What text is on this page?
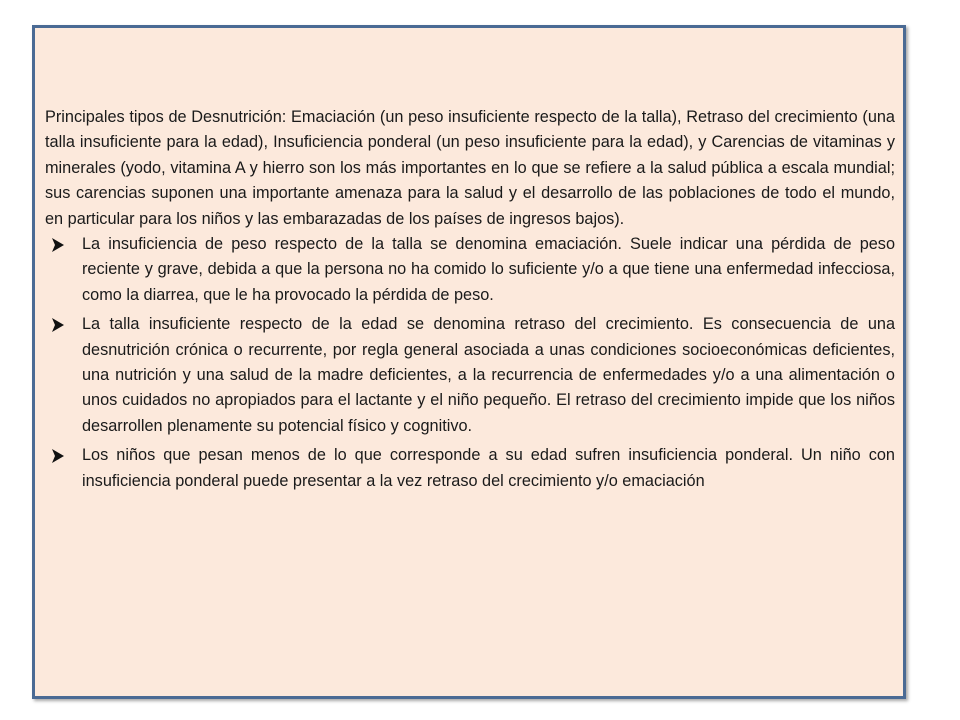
Principales tipos de Desnutrición: Emaciación (un peso insuficiente respecto de la talla), Retraso del crecimiento (una talla insuficiente para la edad), Insuficiencia ponderal (un peso insuficiente para la edad), y Carencias de vitaminas y minerales (yodo, vitamina A y hierro son los más importantes en lo que se refiere a la salud pública a escala mundial; sus carencias suponen una importante amenaza para la salud y el desarrollo de las poblaciones de todo el mundo, en particular para los niños y las embarazadas de los países de ingresos bajos).

La insuficiencia de peso respecto de la talla se denomina emaciación. Suele indicar una pérdida de peso reciente y grave, debida a que la persona no ha comido lo suficiente y/o a que tiene una enfermedad infecciosa, como la diarrea, que le ha provocado la pérdida de peso.
La talla insuficiente respecto de la edad se denomina retraso del crecimiento. Es consecuencia de una desnutrición crónica o recurrente, por regla general asociada a unas condiciones socioeconómicas deficientes, una nutrición y una salud de la madre deficientes, a la recurrencia de enfermedades y/o a una alimentación o unos cuidados no apropiados para el lactante y el niño pequeño. El retraso del crecimiento impide que los niños desarrollen plenamente su potencial físico y cognitivo.
Los niños que pesan menos de lo que corresponde a su edad sufren insuficiencia ponderal. Un niño con insuficiencia ponderal puede presentar a la vez retraso del crecimiento y/o emaciación
